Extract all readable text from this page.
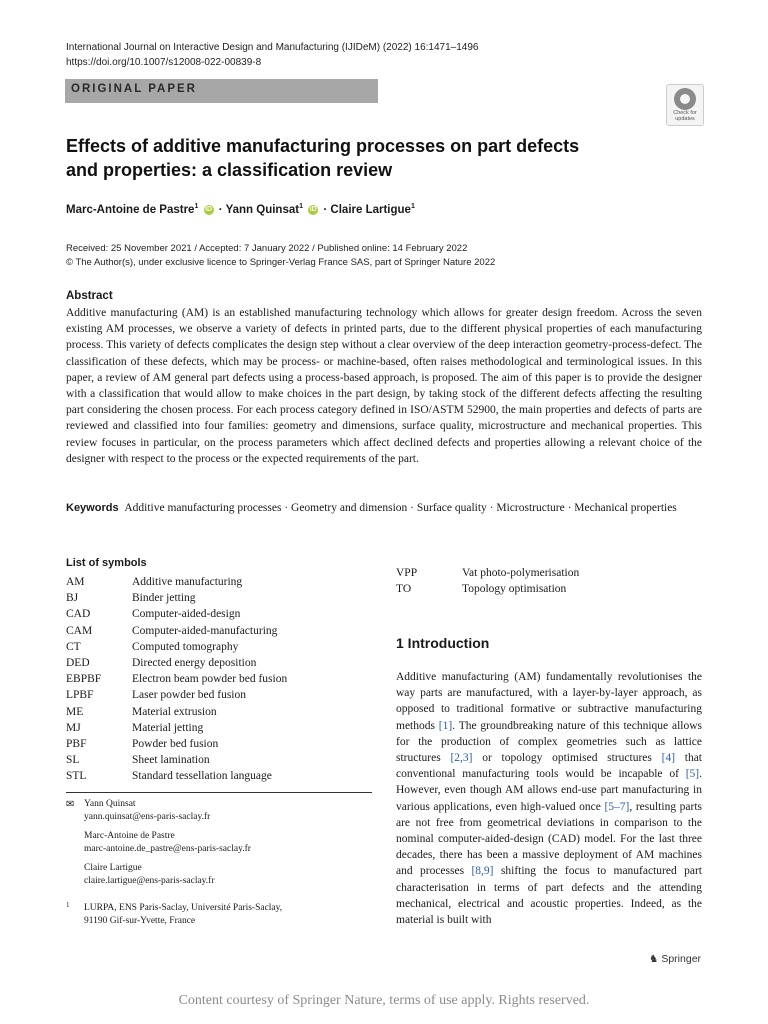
International Journal on Interactive Design and Manufacturing (IJIDeM) (2022) 16:1471–1496
https://doi.org/10.1007/s12008-022-00839-8
ORIGINAL PAPER
Check for
updates
Effects of additive manufacturing processes on part defects
and properties: a classification review
Marc-Antoine de Pastre$^1$ iD · Yann Quinsat$^1$ iD · Claire Lartigue$^1$
Received: 25 November 2021 / Accepted: 7 January 2022 / Published online: 14 February 2022
© The Author(s), under exclusive licence to Springer-Verlag France SAS, part of Springer Nature 2022
Abstract
Additive manufacturing (AM) is an established manufacturing technology which allows for greater design freedom. Across the seven existing AM processes, we observe a variety of defects in printed parts, due to the different physical properties of each manufacturing process. This variety of defects complicates the design step without a clear overview of the deep interaction geometry-process-defect. The classification of these defects, which may be process- or machine-based, often raises methodological and terminological issues. In this paper, a review of AM general part defects using a process-based approach, is proposed. The aim of this paper is to provide the designer with a classification that would allow to make choices in the part design, by taking stock of the different defects affecting the resulting part considering the chosen process. For each process category defined in ISO/ASTM 52900, the main properties and defects of parts are reviewed and classified into four families: geometry and dimensions, surface quality, microstructure and mechanical properties. This review focuses in particular, on the process parameters which affect declined defects and properties allowing a relevant choice of the designer with respect to the process or the expected requirements of the part.
Keywords Additive manufacturing processes · Geometry and dimension · Surface quality · Microstructure · Mechanical properties
List of symbols
AM	Additive manufacturing
BJ	Binder jetting
CAD	Computer-aided-design
CAM	Computer-aided-manufacturing
CT	Computed tomography
DED	Directed energy deposition
EBPBF	Electron beam powder bed fusion
LPBF	Laser powder bed fusion
ME	Material extrusion
MJ	Material jetting
PBF	Powder bed fusion
SL	Sheet lamination
STL	Standard tessellation language
VPP	Vat photo-polymerisation
TO	Topology optimisation
✉ Yann Quinsat
yann.quinsat@ens-paris-saclay.fr
Marc-Antoine de Pastre
marc-antoine.de_pastre@ens-paris-saclay.fr
Claire Lartigue
claire.lartigue@ens-paris-saclay.fr
1 LURPA, ENS Paris-Saclay, Université Paris-Saclay,
91190 Gif-sur-Yvette, France
1 Introduction
Additive manufacturing (AM) fundamentally revolutionises the way parts are manufactured, with a layer-by-layer approach, as opposed to traditional formative or subtractive manufacturing methods [1]. The groundbreaking nature of this technique allows for the production of complex geometries such as lattice structures [2,3] or topology optimised structures [4] that conventional manufacturing tools would be incapable of [5]. However, even though AM allows end-use part manufacturing in various applications, even high-valued once [5–7], resulting parts are not free from geometrical deviations in comparison to the nominal computer-aided-design (CAD) model. For the last three decades, there has been a massive deployment of AM machines and processes [8,9] shifting the focus to manufactured part characterisation in terms of part defects and the attending mechanical, electrical and acoustic properties. Indeed, as the material is built with
♞ Springer
Content courtesy of Springer Nature, terms of use apply. Rights reserved.
